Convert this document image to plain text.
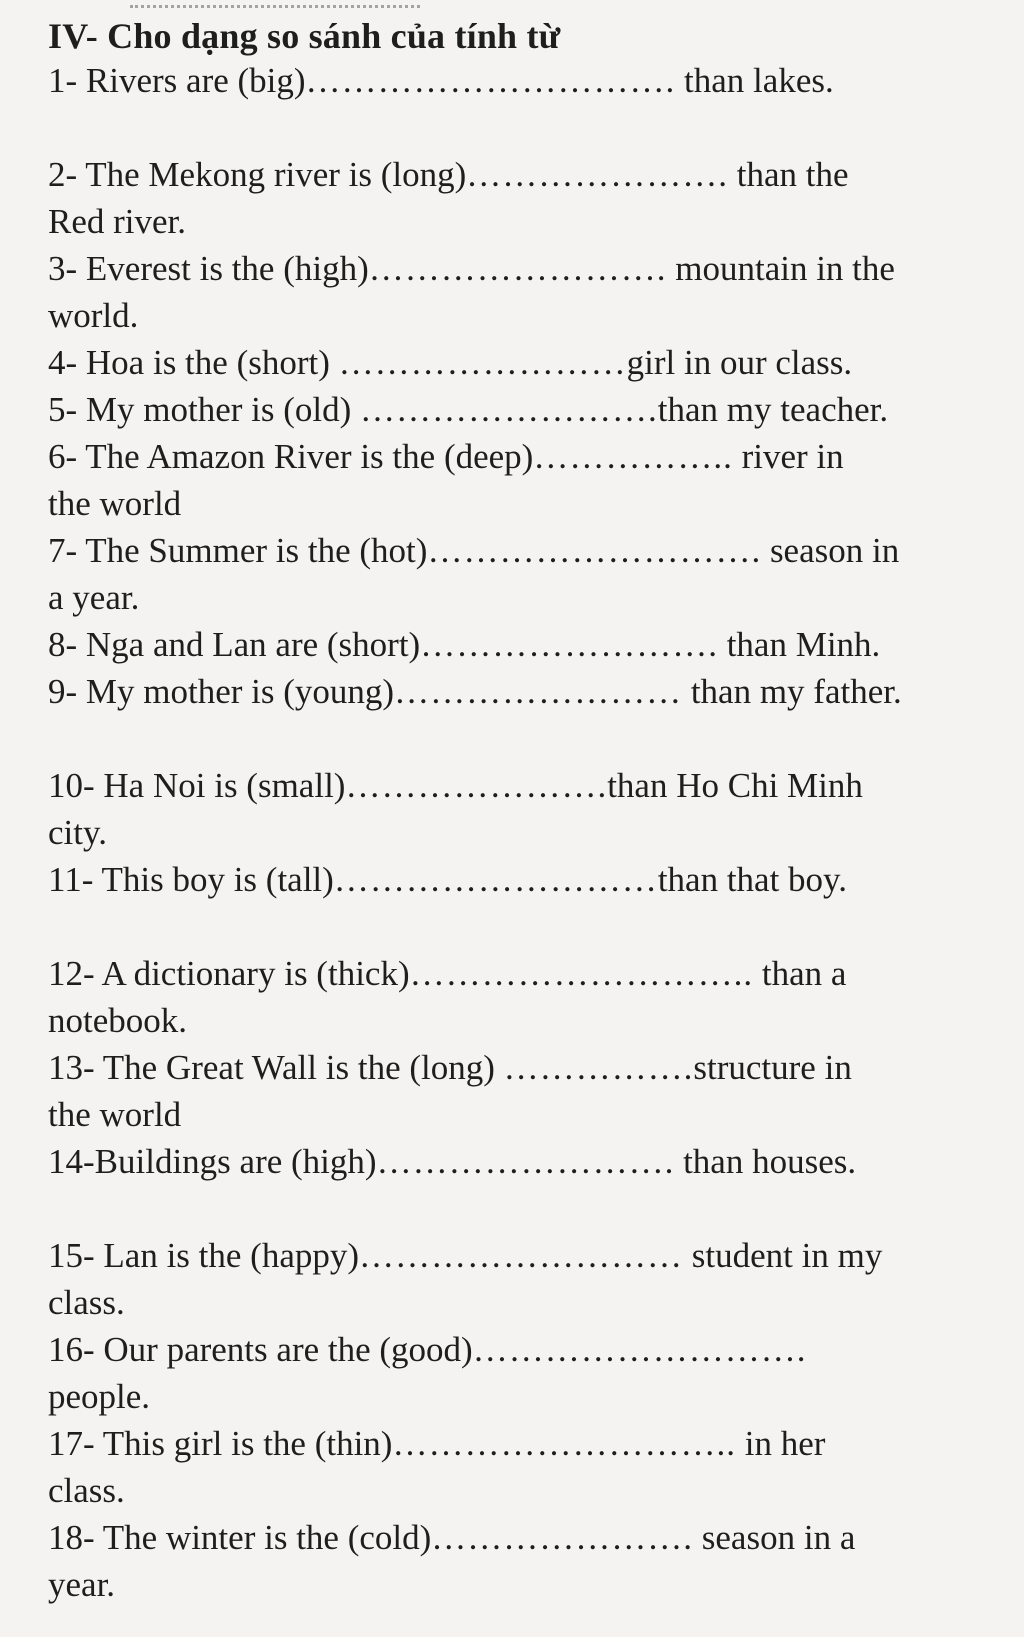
IV- Cho dạng so sánh của tính từ
1- Rivers are (big)…………………………. than lakes.
2- The Mekong river is (long)…………………. than the
Red river.
3- Everest is the (high)……………………. mountain in the
world.
4- Hoa is the (short) ……………………girl in our class.
5- My mother is (old) …………………….than my teacher.
6- The Amazon River is the (deep)…………….. river in
the world
7- The Summer is the (hot)………………………. season in
a year.
8- Nga and Lan are (short)……………………. than Minh.
9- My mother is (young)…………………… than my father.
10- Ha Noi is (small)………………….than Ho Chi Minh
city.
11- This boy is (tall)………………………than that boy.
12- A dictionary is (thick)……………………….. than a
notebook.
13- The Great Wall is the (long) …………….structure in
the world
14-Buildings are (high)……………………. than houses.
15- Lan is the (happy)……………………… student in my
class.
16- Our parents are the (good)……………………….
people.
17- This girl is the (thin)……………………….. in her
class.
18- The winter is the (cold)…………………. season in a
year.
